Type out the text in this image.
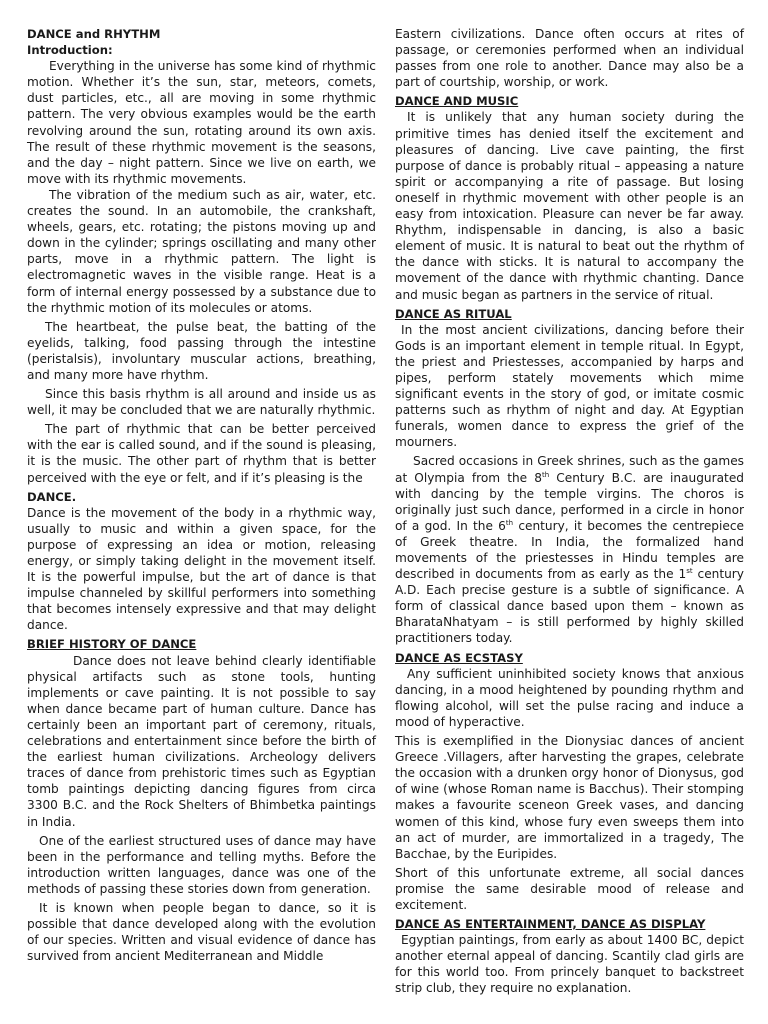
DANCE and RHYTHM

Introduction:

Everything in the universe has some kind of rhythmic motion. Whether it’s the sun, star, meteors, comets, dust particles, etc., all are moving in some rhythmic pattern. The very obvious examples would be the earth revolving around the sun, rotating around its own axis. The result of these rhythmic movement is the seasons, and the day – night pattern. Since we live on earth, we move with its rhythmic movements.

The vibration of the medium such as air, water, etc. creates the sound. In an automobile, the crankshaft, wheels, gears, etc. rotating; the pistons moving up and down in the cylinder; springs oscillating and many other parts, move in a rhythmic pattern. The light is electromagnetic waves in the visible range. Heat is a form of internal energy possessed by a substance due to the rhythmic motion of its molecules or atoms.

The heartbeat, the pulse beat, the batting of the eyelids, talking, food passing through the intestine (peristalsis), involuntary muscular actions, breathing, and many more have rhythm.

Since this basis rhythm is all around and inside us as well, it may be concluded that we are naturally rhythmic.

The part of rhythmic that can be better perceived with the ear is called sound, and if the sound is pleasing, it is the music. The other part of rhythm that is better perceived with the eye or felt, and if it’s pleasing is the

DANCE.

Dance is the movement of the body in a rhythmic way, usually to music and within a given space, for the purpose of expressing an idea or motion, releasing energy, or simply taking delight in the movement itself. It is the powerful impulse, but the art of dance is that impulse channeled by skillful performers into something that becomes intensely expressive and that may delight dance.

BRIEF HISTORY OF DANCE

Dance does not leave behind clearly identifiable physical artifacts such as stone tools, hunting implements or cave painting. It is not possible to say when dance became part of human culture. Dance has certainly been an important part of ceremony, rituals, celebrations and entertainment since before the birth of the earliest human civilizations. Archeology delivers traces of dance from prehistoric times such as Egyptian tomb paintings depicting dancing figures from circa 3300 B.C. and the Rock Shelters of Bhimbetka paintings in India.

One of the earliest structured uses of dance may have been in the performance and telling myths. Before the introduction written languages, dance was one of the methods of passing these stories down from generation.

It is known when people began to dance, so it is possible that dance developed along with the evolution of our species. Written and visual evidence of dance has survived from ancient Mediterranean and Middle

Eastern civilizations. Dance often occurs at rites of passage, or ceremonies performed when an individual passes from one role to another. Dance may also be a part of courtship, worship, or work.

DANCE AND MUSIC

It is unlikely that any human society during the primitive times has denied itself the excitement and pleasures of dancing. Live cave painting, the first purpose of dance is probably ritual – appeasing a nature spirit or accompanying a rite of passage. But losing oneself in rhythmic movement with other people is an easy from intoxication. Pleasure can never be far away. Rhythm, indispensable in dancing, is also a basic element of music. It is natural to beat out the rhythm of the dance with sticks. It is natural to accompany the movement of the dance with rhythmic chanting. Dance and music began as partners in the service of ritual.

DANCE AS RITUAL

In the most ancient civilizations, dancing before their Gods is an important element in temple ritual. In Egypt, the priest and Priestesses, accompanied by harps and pipes, perform stately movements which mime significant events in the story of god, or imitate cosmic patterns such as rhythm of night and day. At Egyptian funerals, women dance to express the grief of the mourners.

Sacred occasions in Greek shrines, such as the games at Olympia from the 8th Century B.C. are inaugurated with dancing by the temple virgins. The choros is originally just such dance, performed in a circle in honor of a god. In the 6th century, it becomes the centrepiece of Greek theatre. In India, the formalized hand movements of the priestesses in Hindu temples are described in documents from as early as the 1st century A.D. Each precise gesture is a subtle of significance. A form of classical dance based upon them – known as BharataNhatyam – is still performed by highly skilled practitioners today.

DANCE AS ECSTASY

Any sufficient uninhibited society knows that anxious dancing, in a mood heightened by pounding rhythm and flowing alcohol, will set the pulse racing and induce a mood of hyperactive.

This is exemplified in the Dionysiac dances of ancient Greece .Villagers, after harvesting the grapes, celebrate the occasion with a drunken orgy honor of Dionysus, god of wine (whose Roman name is Bacchus). Their stomping makes a favourite sceneon Greek vases, and dancing women of this kind, whose fury even sweeps them into an act of murder, are immortalized in a tragedy, The Bacchae, by the Euripides.

Short of this unfortunate extreme, all social dances promise the same desirable mood of release and excitement.

DANCE AS ENTERTAINMENT, DANCE AS DISPLAY

Egyptian paintings, from early as about 1400 BC, depict another eternal appeal of dancing. Scantily clad girls are for this world too. From princely banquet to backstreet strip club, they require no explanation.
